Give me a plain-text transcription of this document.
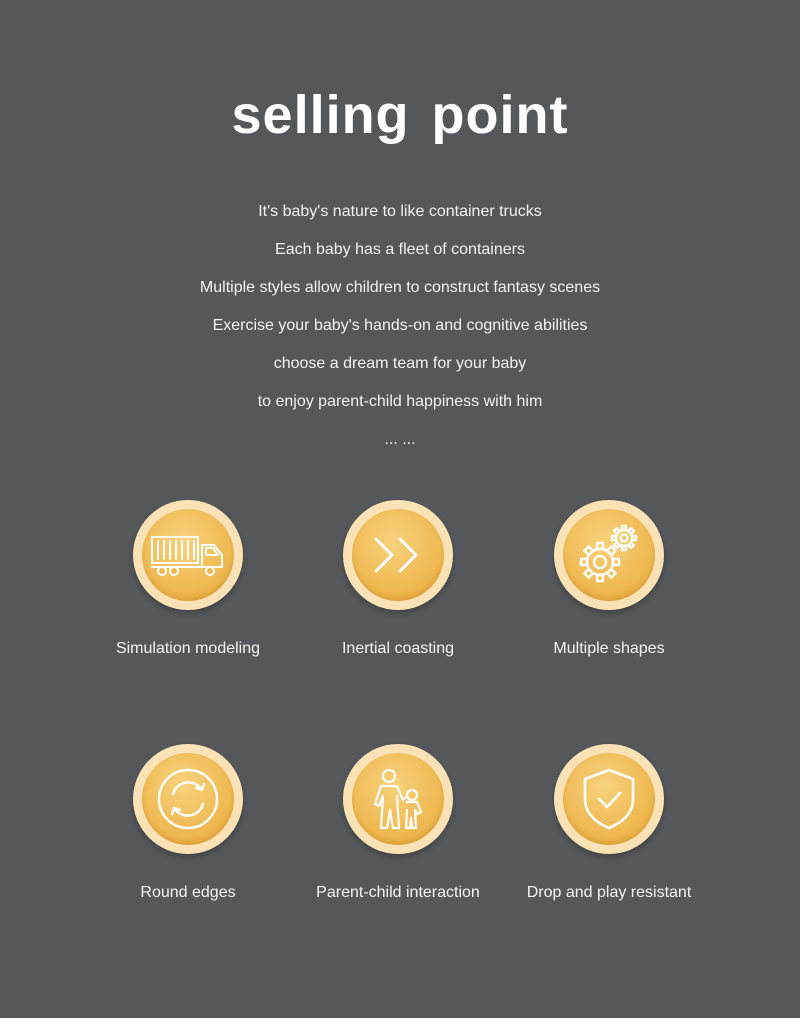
selling point
It's baby's nature to like container trucks
Each baby has a fleet of containers
Multiple styles allow children to construct fantasy scenes
Exercise your baby's hands-on and cognitive abilities
choose a dream team for your baby
to enjoy parent-child happiness with him
... ...
Simulation modeling	Inertial coasting	Multiple shapes
Round edges	Parent-child interaction	Drop and play resistant
